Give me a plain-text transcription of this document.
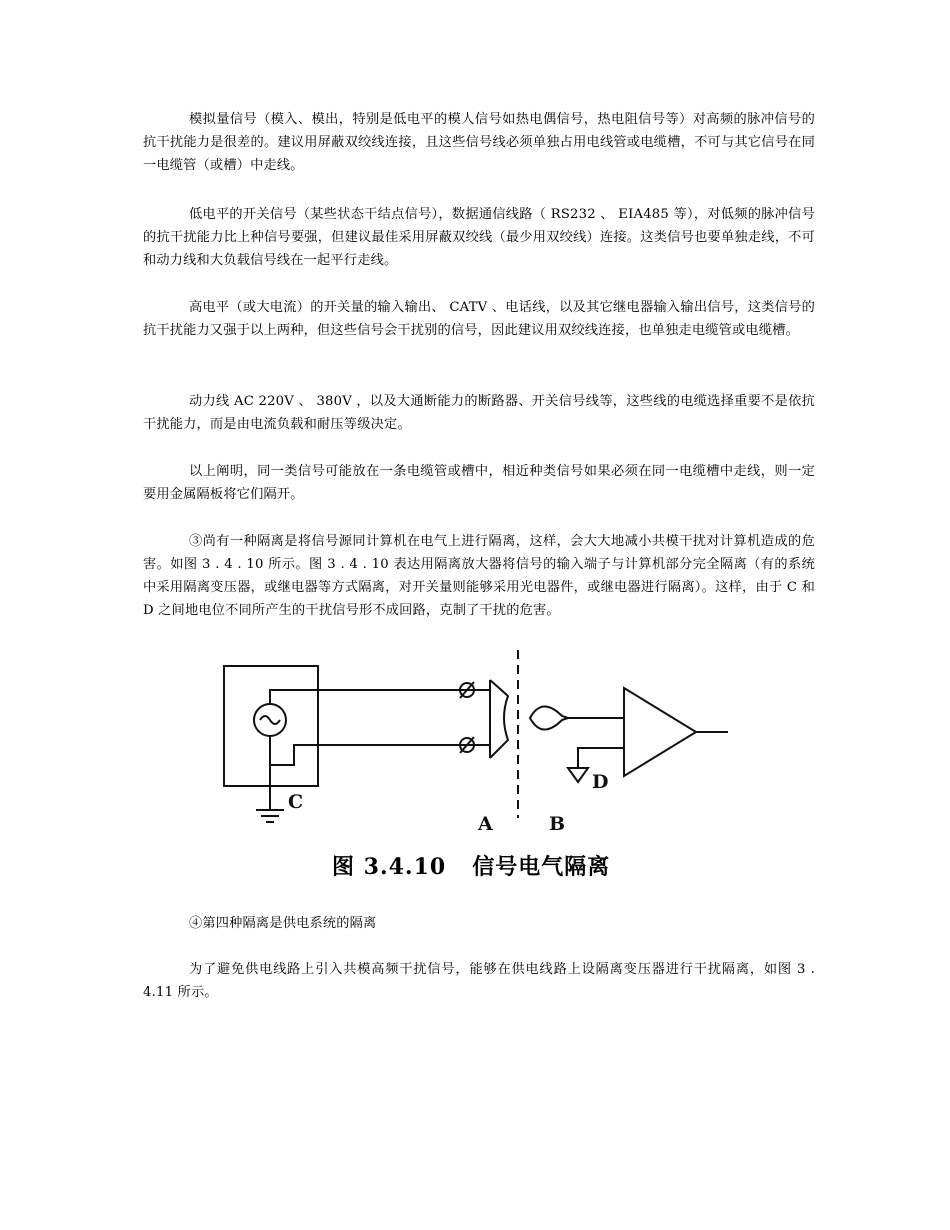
模拟量信号（模入、模出，特别是低电平的模人信号如热电偶信号，热电阻信号等）对高频的脉冲信号的抗干扰能力是很差的。建议用屏蔽双绞线连接，且这些信号线必须单独占用电线管或电缆槽，不可与其它信号在同一电缆管（或槽）中走线。

低电平的开关信号（某些状态干结点信号），数据通信线路（ RS232 、 EIA485 等），对低频的脉冲信号的抗干扰能力比上种信号要强，但建议最佳采用屏蔽双绞线（最少用双绞线）连接。这类信号也要单独走线，不可和动力线和大负载信号线在一起平行走线。

高电平（或大电流）的开关量的输入输出、 CATV 、电话线，以及其它继电器输入输出信号，这类信号的抗干扰能力又强于以上两种，但这些信号会干扰别的信号，因此建议用双绞线连接，也单独走电缆管或电缆槽。

动力线 AC 220V 、 380V ，以及大通断能力的断路器、开关信号线等，这些线的电缆选择重要不是依抗干扰能力，而是由电流负载和耐压等级决定。

以上阐明，同一类信号可能放在一条电缆管或槽中，相近种类信号如果必须在同一电缆槽中走线，则一定要用金属隔板将它们隔开。

③尚有一种隔离是将信号源同计算机在电气上进行隔离，这样，会大大地减小共模干扰对计算机造成的危害。如图 3 . 4 . 10 所示。图 3 . 4 . 10 表达用隔离放大器将信号的输入端子与计算机部分完全隔离（有的系统中采用隔离变压器，或继电器等方式隔离，对开关量则能够采用光电器件，或继电器进行隔离）。这样，由于 C 和 D 之间地电位不同所产生的干扰信号形不成回路，克制了干扰的危害。

C
A	B
D
图 3.4.10 信号电气隔离

④第四种隔离是供电系统的隔离

为了避免供电线路上引入共模高频干扰信号，能够在供电线路上设隔离变压器进行干扰隔离，如图 3 . 4.11 所示。
